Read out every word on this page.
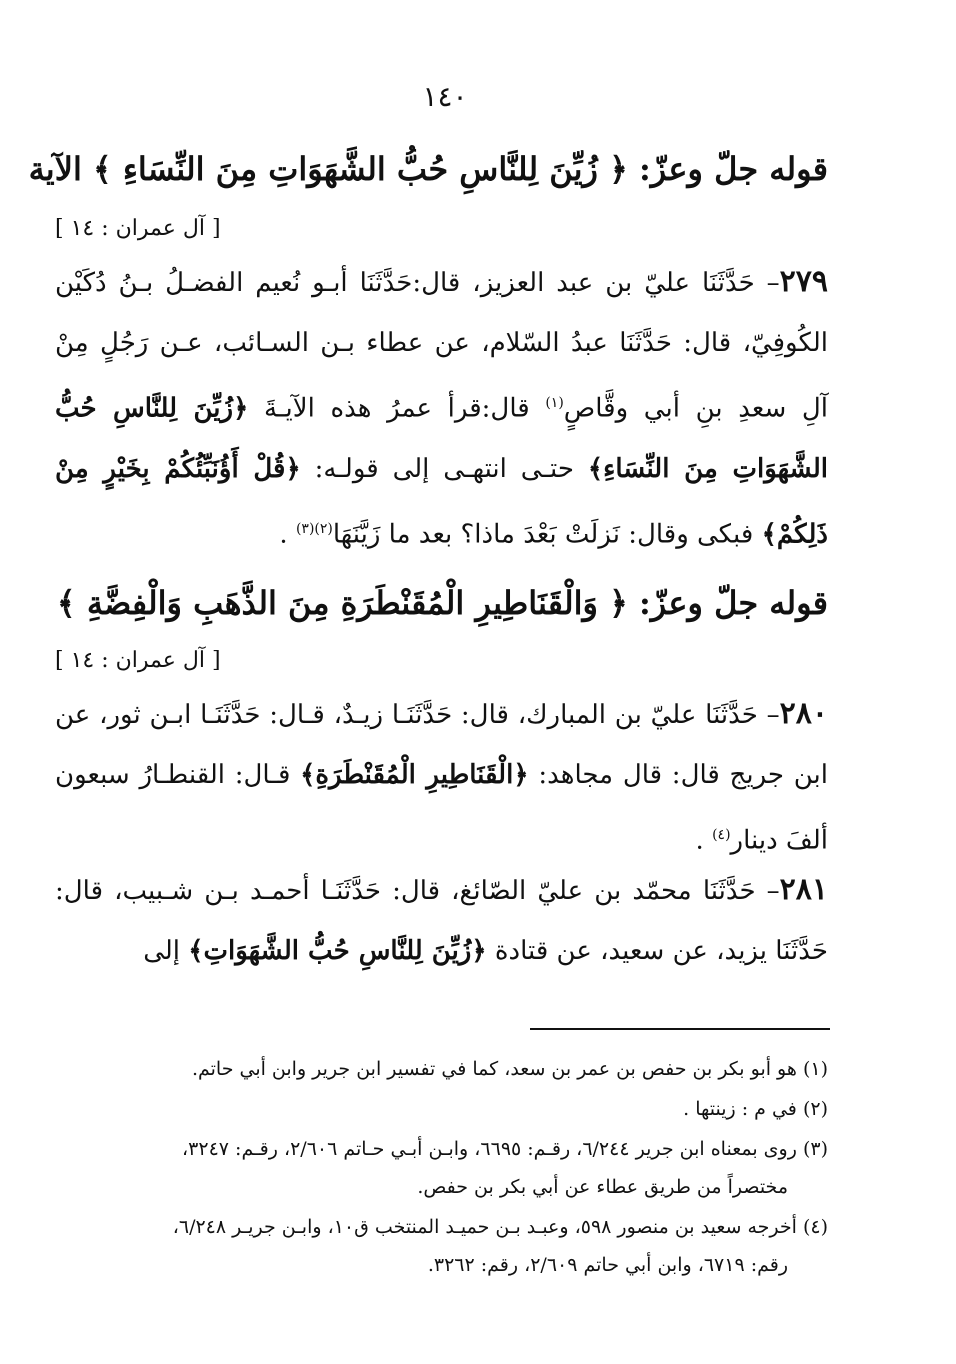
١٤٠
قوله جلّ وعزّ: ﴿ زُيِّنَ لِلنَّاسِ حُبُّ الشَّهَوَاتِ مِنَ النِّسَاءِ ﴾ الآية
[ آل عمران : ١٤ ]
٢٧٩– حَدَّثَنَا عليّ بن عبد العزيز، قال:حَدَّثَنَا أبـو نُعيم الفضـلُ بـنُ دُكَيْن الكُوفِيّ، قال: حَدَّثَنَا عبدُ السّلام، عن عطاء بـن السـائب، عـن رَجُلٍ مِنْ آلِ سعدِ بنِ أبي وقَّاصٍ$^{(١)}$ قال:قرأ عمرُ هذه الآيـةَ ﴿زُيِّنَ لِلنَّاسِ حُبُّ الشَّهَوَاتِ مِنَ النِّسَاءِ﴾ حتـى انتهـى إلى قولـه: ﴿قُلْ أَؤُنَبِّئُكُمْ بِخَيْرٍ مِنْ ذَلِكُمْ﴾ فبكى وقال: نَزلَتْ بَعْدَ ماذا؟ بعد ما زَيَّنَهَا$^{(٢)(٣)}$ .
قوله جلّ وعزّ: ﴿ وَالْقَنَاطِيرِ الْمُقَنْطَرَةِ مِنَ الذَّهَبِ وَالْفِضَّةِ ﴾
[ آل عمران : ١٤ ]
٢٨٠– حَدَّثَنَا عليّ بن المبارك، قال: حَدَّثَنَـا زيـدٌ، قـال: حَدَّثَنَـا ابـن ثور، عن ابن جريج قال: قال مجاهد: ﴿الْقَنَاطِيرِ الْمُقَنْطَرَةِ﴾ قـال: القنطـارُ سبعون ألفَ دينار$^{(٤)}$ .
٢٨١– حَدَّثَنَا محمّد بن عليّ الصّائغ، قال: حَدَّثَنَـا أحمـد بـن شـبيب، قال: حَدَّثَنَا يزيد، عن سعيد، عن قتادة ﴿زُيِّنَ لِلنَّاسِ حُبُّ الشَّهَوَاتِ﴾ إلى
(١) هو أبو بكر بن حفص بن عمر بن سعد، كما في تفسير ابن جرير وابن أبي حاتم.
(٢) في م : زينتها .
(٣) روى بمعناه ابن جرير ٦/٢٤٤، رقـم: ٦٦٩٥، وابـن أبـي حـاتم ٢/٦٠٦، رقـم: ٣٢٤٧،
مختصراً من طريق عطاء عن أبي بكر بن حفص.
(٤) أخرجه سعيد بن منصور ٥٩٨، وعبـد بـن حميـد المنتخب ق١٠، وابـن جريـر ٦/٢٤٨،
رقم: ٦٧١٩، وابن أبي حاتم ٢/٦٠٩، رقم: ٣٢٦٢.
